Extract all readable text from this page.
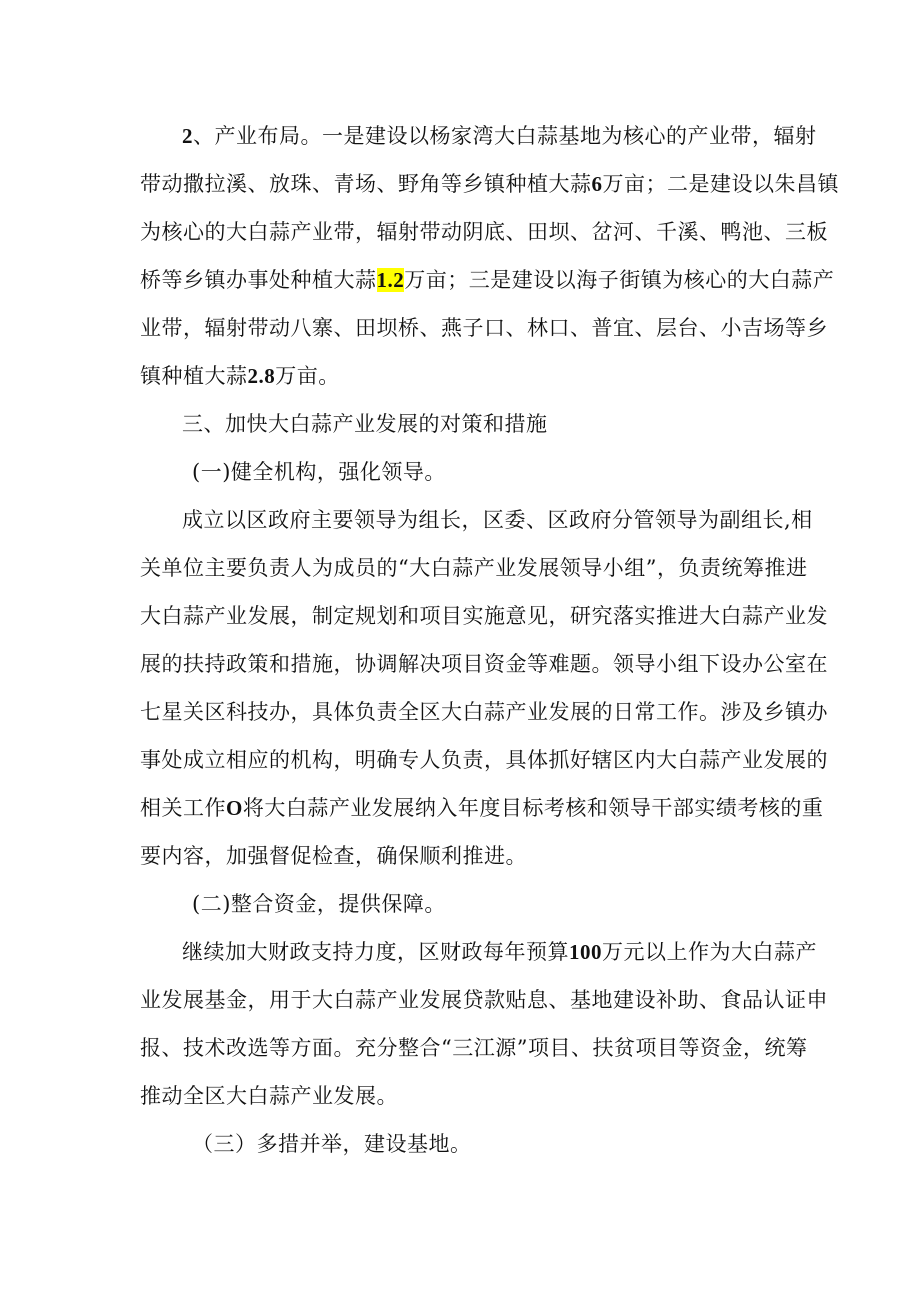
2、产业布局。一是建设以杨家湾大白蒜基地为核心的产业带，辐射
带动撒拉溪、放珠、青场、野角等乡镇种植大蒜6万亩；二是建设以朱昌镇
为核心的大白蒜产业带，辐射带动阴底、田坝、岔河、千溪、鸭池、三板
桥等乡镇办事处种植大蒜1.2万亩；三是建设以海子街镇为核心的大白蒜产
业带，辐射带动八寨、田坝桥、燕子口、林口、普宜、层台、小吉场等乡
镇种植大蒜2.8万亩。
三、加快大白蒜产业发展的对策和措施
(一)健全机构，强化领导。
成立以区政府主要领导为组长，区委、区政府分管领导为副组长,相
关单位主要负责人为成员的“大白蒜产业发展领导小组”，负责统筹推进
大白蒜产业发展，制定规划和项目实施意见，研究落实推进大白蒜产业发
展的扶持政策和措施，协调解决项目资金等难题。领导小组下设办公室在
七星关区科技办，具体负责全区大白蒜产业发展的日常工作。涉及乡镇办
事处成立相应的机构，明确专人负责，具体抓好辖区内大白蒜产业发展的
相关工作O将大白蒜产业发展纳入年度目标考核和领导干部实绩考核的重
要内容，加强督促检查，确保顺利推进。
(二)整合资金，提供保障。
继续加大财政支持力度，区财政每年预算100万元以上作为大白蒜产
业发展基金，用于大白蒜产业发展贷款贴息、基地建设补助、食品认证申
报、技术改选等方面。充分整合“三江源”项目、扶贫项目等资金，统筹
推动全区大白蒜产业发展。
（三）多措并举，建设基地。
